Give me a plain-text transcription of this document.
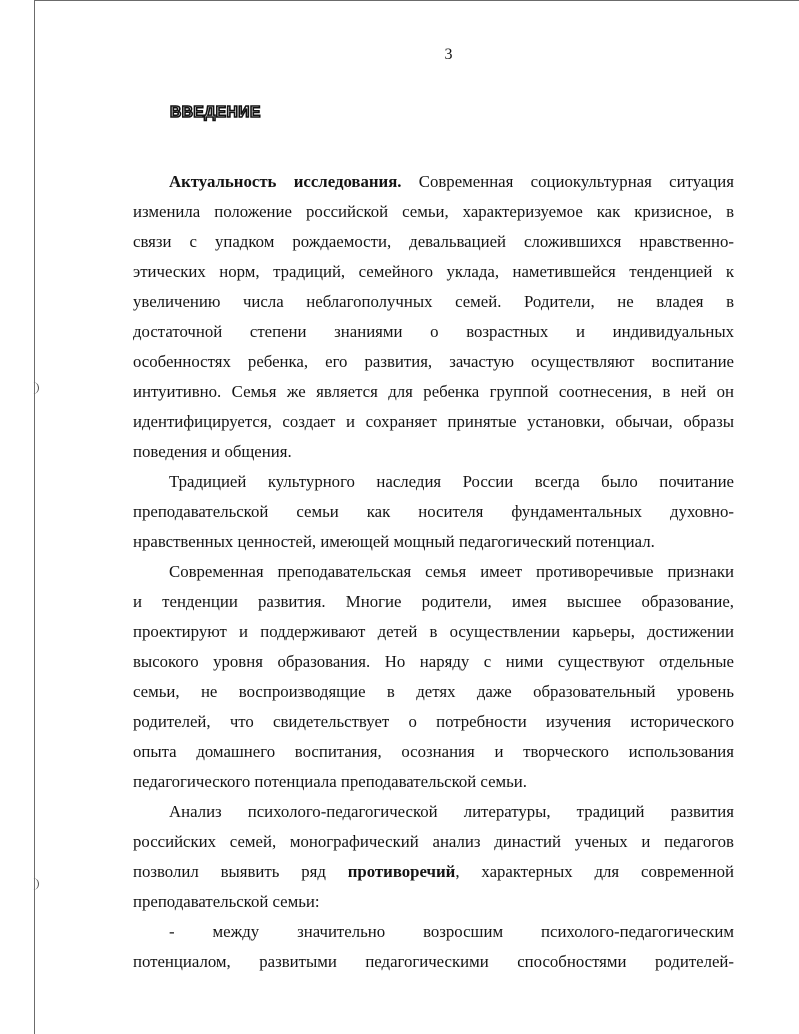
3
ВВЕДЕНИЕ
Актуальность исследования. Современная социокультурная ситуация
изменила положение российской семьи, характеризуемое как кризисное, в
связи с упадком рождаемости, девальвацией сложившихся нравственно-
этических норм, традиций, семейного уклада, наметившейся тенденцией к
увеличению числа неблагополучных семей. Родители, не владея в
достаточной степени знаниями о возрастных и индивидуальных
особенностях ребенка, его развития, зачастую осуществляют воспитание
интуитивно. Семья же является для ребенка группой соотнесения, в ней он
идентифицируется, создает и сохраняет принятые установки, обычаи, образы
поведения и общения.
Традицией культурного наследия России всегда было почитание
преподавательской семьи как носителя фундаментальных духовно-
нравственных ценностей, имеющей мощный педагогический потенциал.
Современная преподавательская семья имеет противоречивые признаки
и тенденции развития. Многие родители, имея высшее образование,
проектируют и поддерживают детей в осуществлении карьеры, достижении
высокого уровня образования. Но наряду с ними существуют отдельные
семьи, не воспроизводящие в детях даже образовательный уровень
родителей, что свидетельствует о потребности изучения исторического
опыта домашнего воспитания, осознания и творческого использования
педагогического потенциала преподавательской семьи.
Анализ психолого-педагогической литературы, традиций развития
российских семей, монографический анализ династий ученых и педагогов
позволил выявить ряд противоречий, характерных для современной
преподавательской семьи:
- между значительно возросшим психолого-педагогическим
потенциалом, развитыми педагогическими способностями родителей-
